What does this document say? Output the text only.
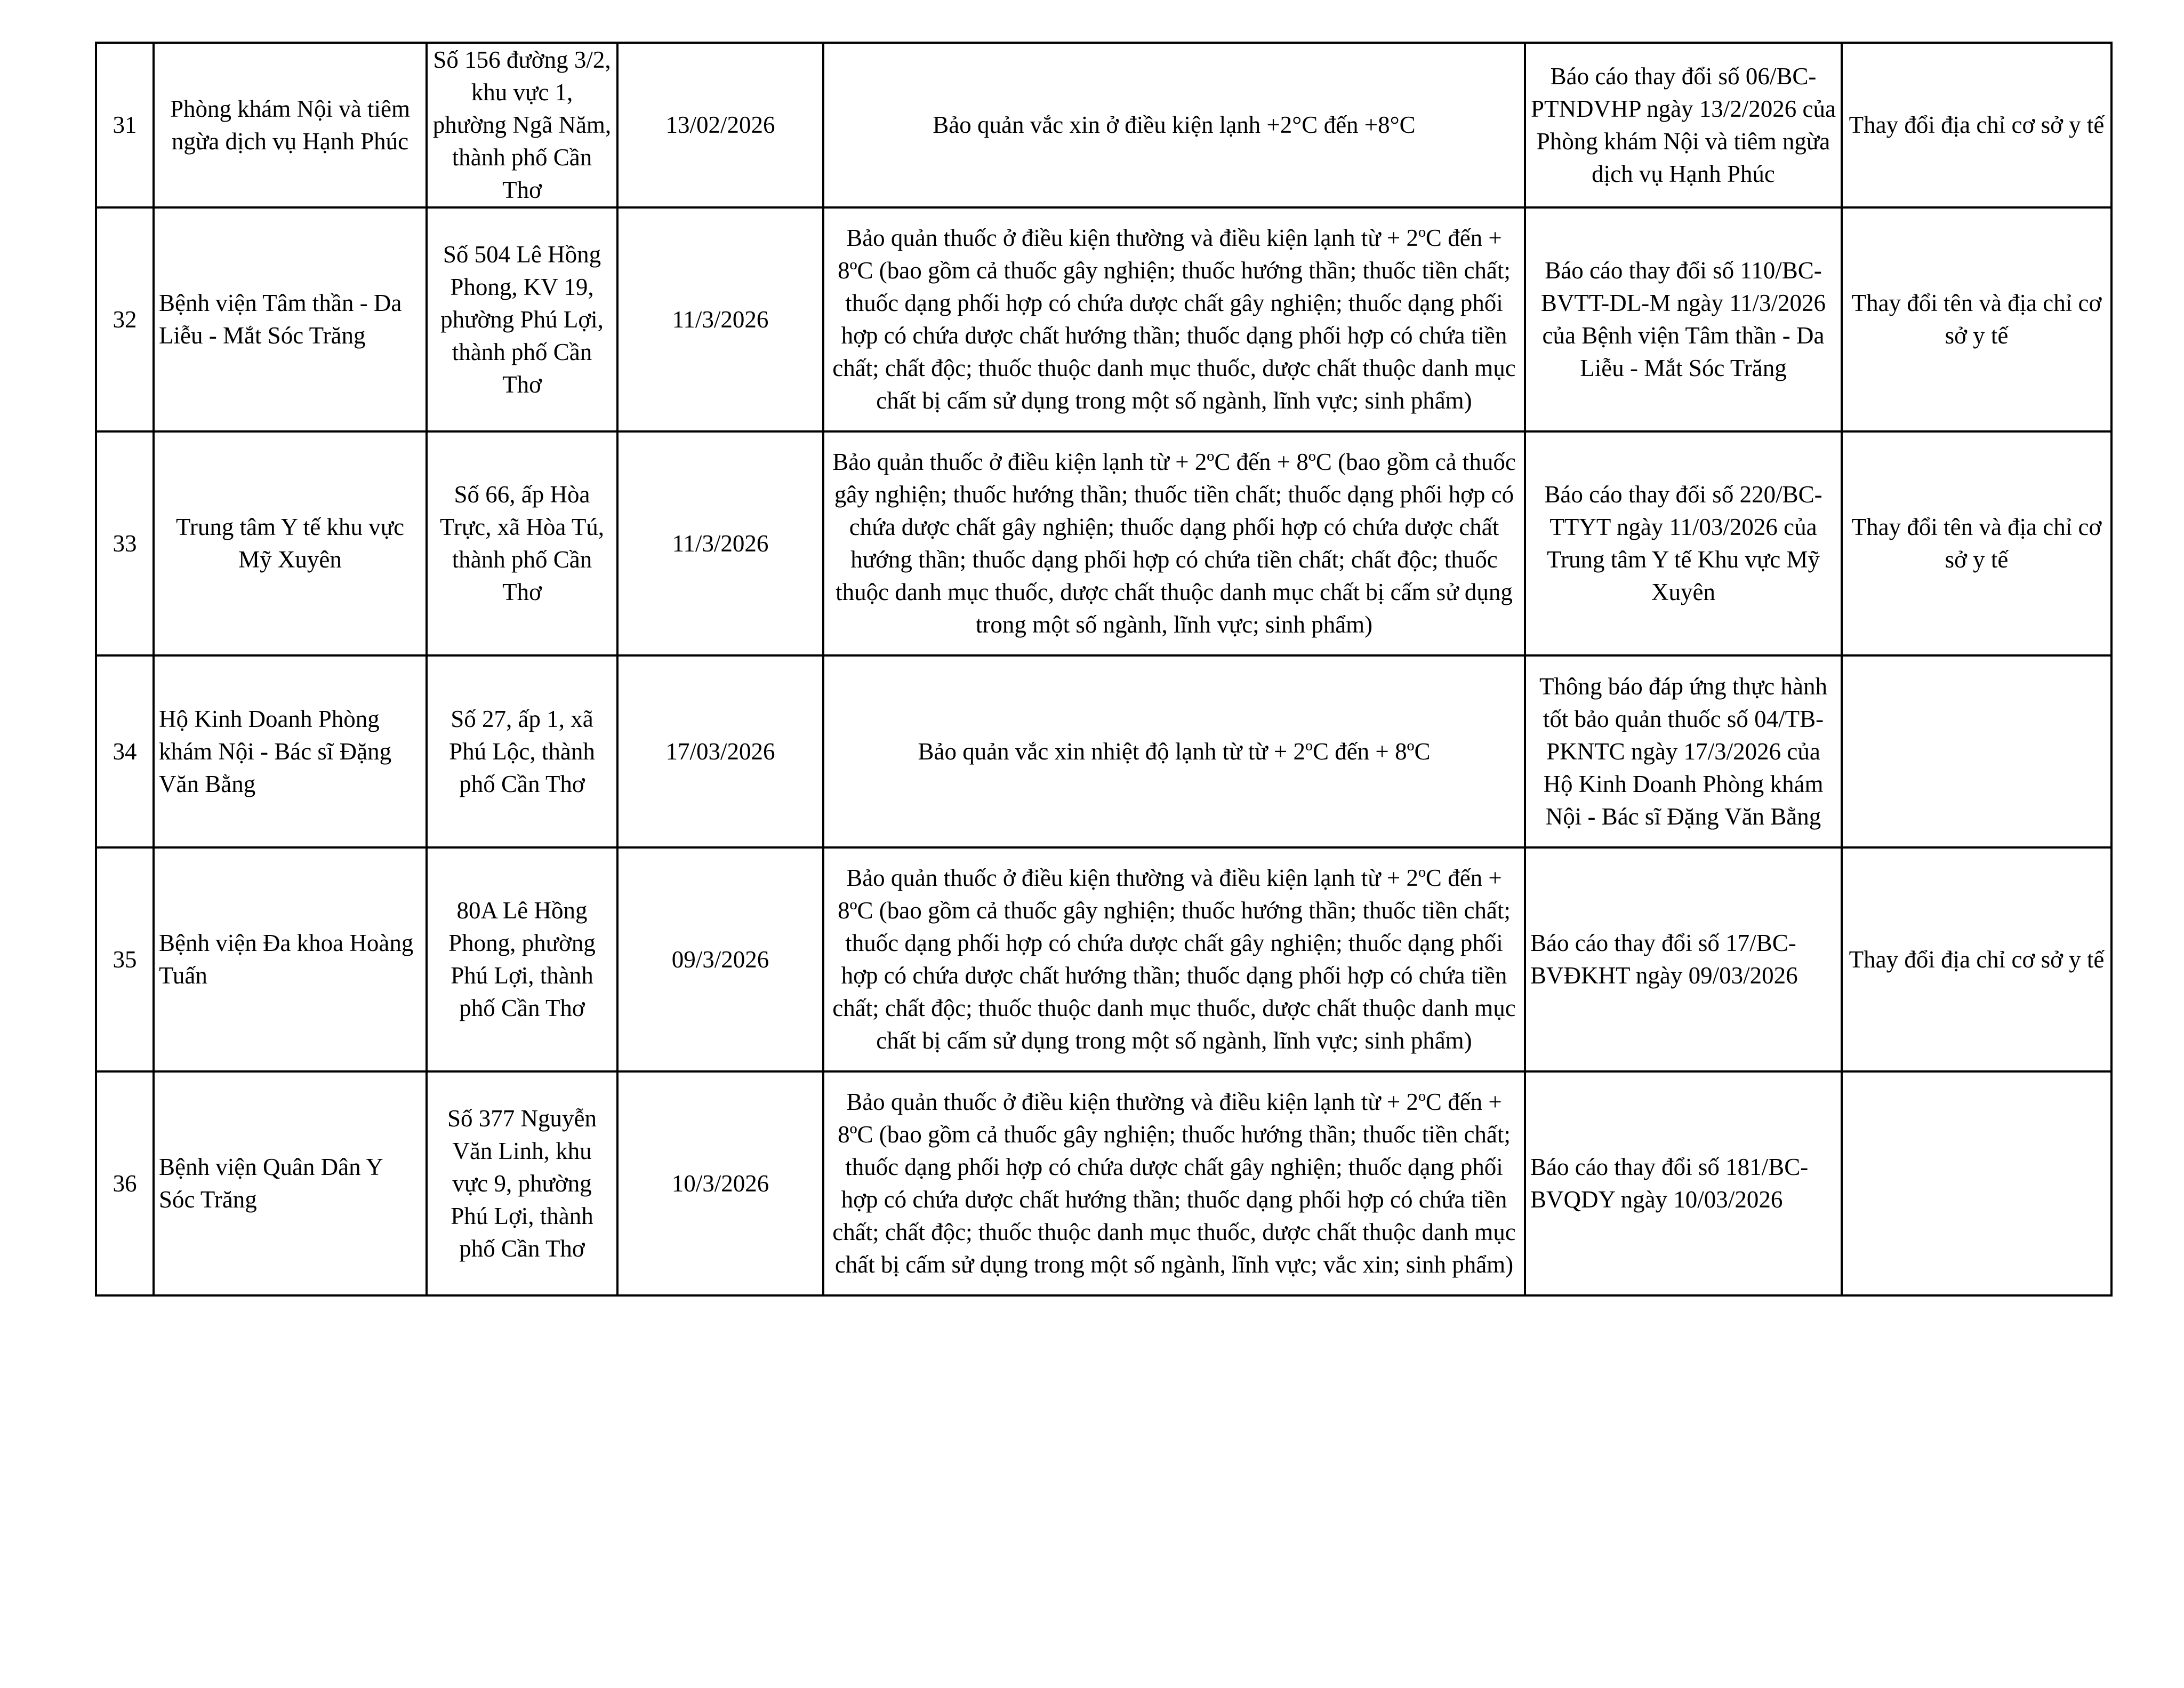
31	Phòng khám Nội và tiêm ngừa dịch vụ Hạnh Phúc	Số 156 đường 3/2, khu vực 1, phường Ngã Năm, thành phố Cần Thơ	13/02/2026	Bảo quản vắc xin ở điều kiện lạnh +2°C đến +8°C	Báo cáo thay đổi số 06/BC-PTNDVHP ngày 13/2/2026 của Phòng khám Nội và tiêm ngừa dịch vụ Hạnh Phúc	Thay đổi địa chỉ cơ sở y tế
32	Bệnh viện Tâm thần - Da Liễu - Mắt Sóc Trăng	Số 504 Lê Hồng Phong, KV 19, phường Phú Lợi, thành phố Cần Thơ	11/3/2026	Bảo quản thuốc ở điều kiện thường và điều kiện lạnh từ + 2ºC đến + 8ºC (bao gồm cả thuốc gây nghiện; thuốc hướng thần; thuốc tiền chất; thuốc dạng phối hợp có chứa dược chất gây nghiện; thuốc dạng phối hợp có chứa dược chất hướng thần; thuốc dạng phối hợp có chứa tiền chất; chất độc; thuốc thuộc danh mục thuốc, dược chất thuộc danh mục chất bị cấm sử dụng trong một số ngành, lĩnh vực; sinh phẩm)	Báo cáo thay đổi số 110/BC-BVTT-DL-M ngày 11/3/2026 của Bệnh viện Tâm thần - Da Liễu - Mắt Sóc Trăng	Thay đổi tên và địa chỉ cơ sở y tế
33	Trung tâm Y tế khu vực Mỹ Xuyên	Số 66, ấp Hòa Trực, xã Hòa Tú, thành phố Cần Thơ	11/3/2026	Bảo quản thuốc ở điều kiện lạnh từ + 2ºC đến + 8ºC (bao gồm cả thuốc gây nghiện; thuốc hướng thần; thuốc tiền chất; thuốc dạng phối hợp có chứa dược chất gây nghiện; thuốc dạng phối hợp có chứa dược chất hướng thần; thuốc dạng phối hợp có chứa tiền chất; chất độc; thuốc thuộc danh mục thuốc, dược chất thuộc danh mục chất bị cấm sử dụng trong một số ngành, lĩnh vực; sinh phẩm)	Báo cáo thay đổi số 220/BC-TTYT ngày 11/03/2026 của Trung tâm Y tế Khu vực Mỹ Xuyên	Thay đổi tên và địa chỉ cơ sở y tế
34	Hộ Kinh Doanh Phòng khám Nội - Bác sĩ Đặng Văn Bằng	Số 27, ấp 1, xã Phú Lộc, thành phố Cần Thơ	17/03/2026	Bảo quản vắc xin nhiệt độ lạnh từ từ + 2ºC đến + 8ºC	Thông báo đáp ứng thực hành tốt bảo quản thuốc số 04/TB-PKNTC ngày 17/3/2026 của Hộ Kinh Doanh Phòng khám Nội - Bác sĩ Đặng Văn Bằng	
35	Bệnh viện Đa khoa Hoàng Tuấn	80A Lê Hồng Phong, phường Phú Lợi, thành phố Cần Thơ	09/3/2026	Bảo quản thuốc ở điều kiện thường và điều kiện lạnh từ + 2ºC đến + 8ºC (bao gồm cả thuốc gây nghiện; thuốc hướng thần; thuốc tiền chất; thuốc dạng phối hợp có chứa dược chất gây nghiện; thuốc dạng phối hợp có chứa dược chất hướng thần; thuốc dạng phối hợp có chứa tiền chất; chất độc; thuốc thuộc danh mục thuốc, dược chất thuộc danh mục chất bị cấm sử dụng trong một số ngành, lĩnh vực; sinh phẩm)	Báo cáo thay đổi số 17/BC-BVĐKHT ngày 09/03/2026	Thay đổi địa chỉ cơ sở y tế
36	Bệnh viện Quân Dân Y Sóc Trăng	Số 377 Nguyễn Văn Linh, khu vực 9, phường Phú Lợi, thành phố Cần Thơ	10/3/2026	Bảo quản thuốc ở điều kiện thường và điều kiện lạnh từ + 2ºC đến + 8ºC (bao gồm cả thuốc gây nghiện; thuốc hướng thần; thuốc tiền chất; thuốc dạng phối hợp có chứa dược chất gây nghiện; thuốc dạng phối hợp có chứa dược chất hướng thần; thuốc dạng phối hợp có chứa tiền chất; chất độc; thuốc thuộc danh mục thuốc, dược chất thuộc danh mục chất bị cấm sử dụng trong một số ngành, lĩnh vực; vắc xin; sinh phẩm)	Báo cáo thay đổi số 181/BC-BVQDY ngày 10/03/2026	
